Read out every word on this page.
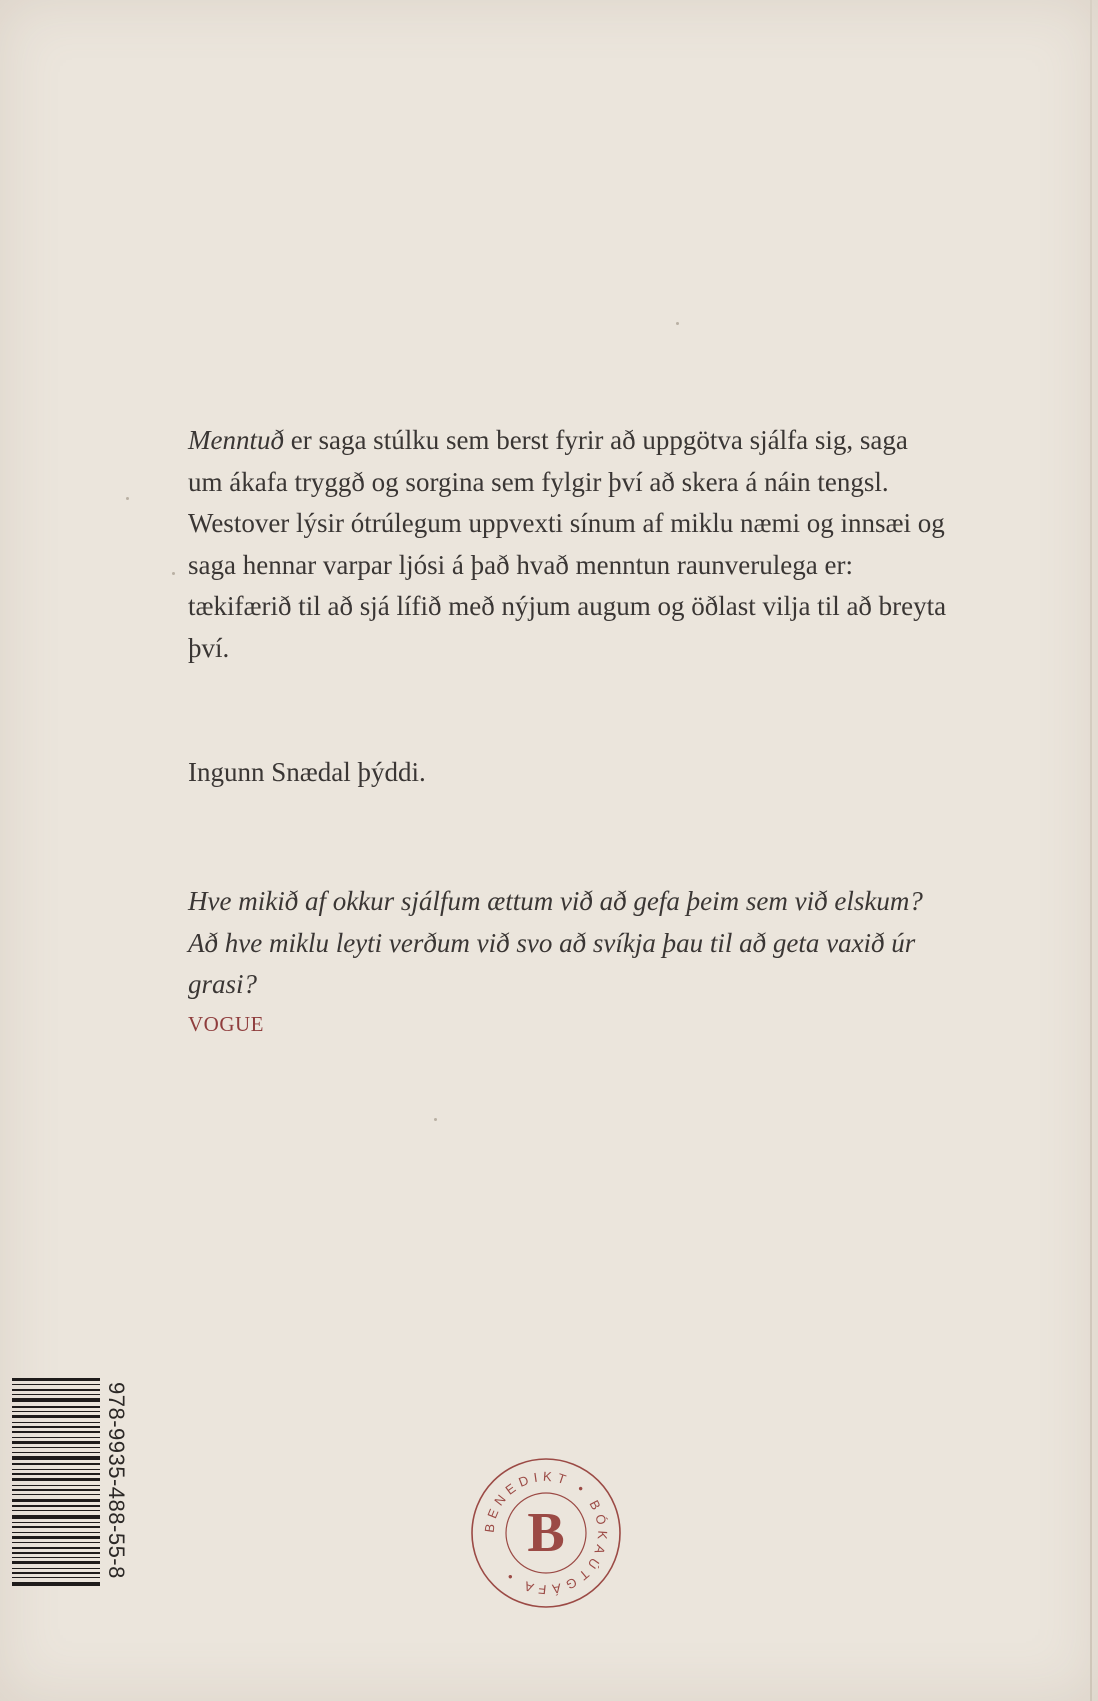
Menntuð er saga stúlku sem berst fyrir að uppgötva sjálfa sig, saga um ákafa tryggð og sorgina sem fylgir því að skera á náin tengsl. Westover lýsir ótrúlegum uppvexti sínum af miklu næmi og innsæi og saga hennar varpar ljósi á það hvað menntun raunverulega er: tækifærið til að sjá lífið með nýjum augum og öðlast vilja til að breyta því.

Ingunn Snædal þýddi.

Hve mikið af okkur sjálfum ættum við að gefa þeim sem við elskum? Að hve miklu leyti verðum við svo að svíkja þau til að geta vaxið úr grasi?

VOGUE
978-9935-488-55-8	BENEDIKT • BÓKAÚTGÁFA •
B
